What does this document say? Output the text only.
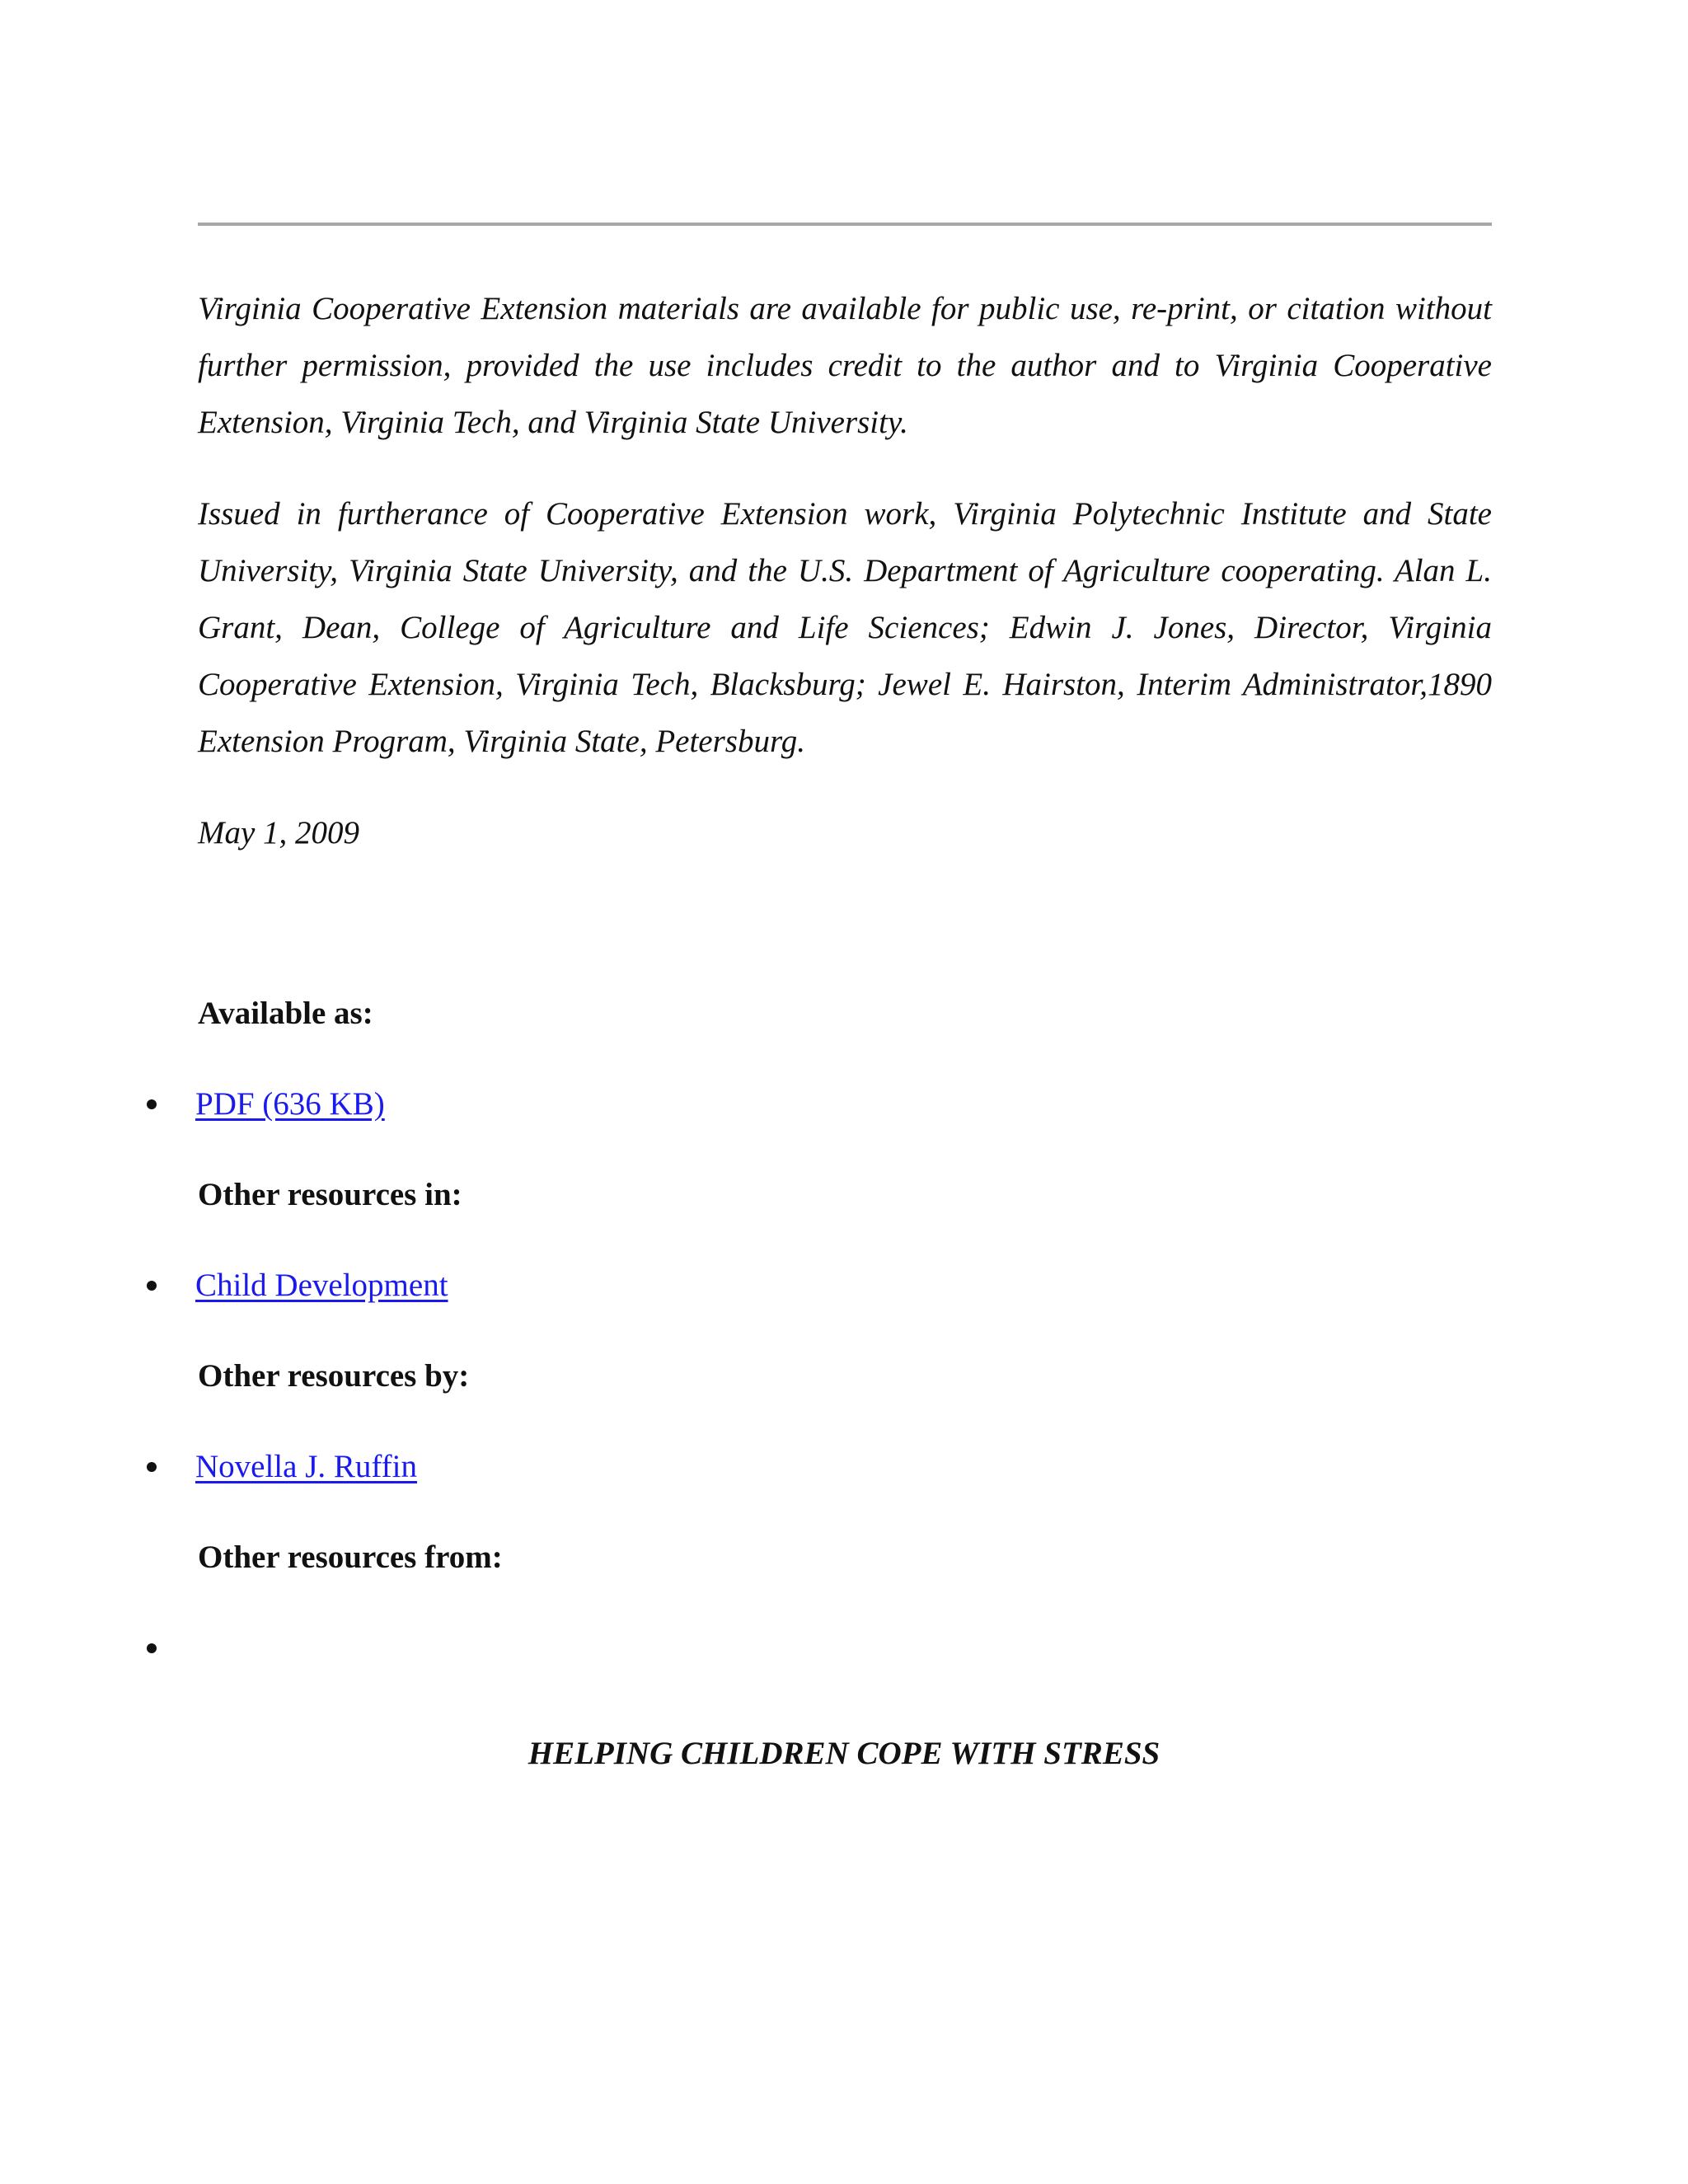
Virginia Cooperative Extension materials are available for public use, re-print, or citation without further permission, provided the use includes credit to the author and to Virginia Cooperative Extension, Virginia Tech, and Virginia State University.

Issued in furtherance of Cooperative Extension work, Virginia Polytechnic Institute and State University, Virginia State University, and the U.S. Department of Agriculture cooperating. Alan L. Grant, Dean, College of Agriculture and Life Sciences; Edwin J. Jones, Director, Virginia Cooperative Extension, Virginia Tech, Blacksburg; Jewel E. Hairston, Interim Administrator,1890 Extension Program, Virginia State, Petersburg.

May 1, 2009

Available as:

PDF (636 KB)

Other resources in:

Child Development

Other resources by:

Novella J. Ruffin

Other resources from:

HELPING CHILDREN COPE WITH STRESS
